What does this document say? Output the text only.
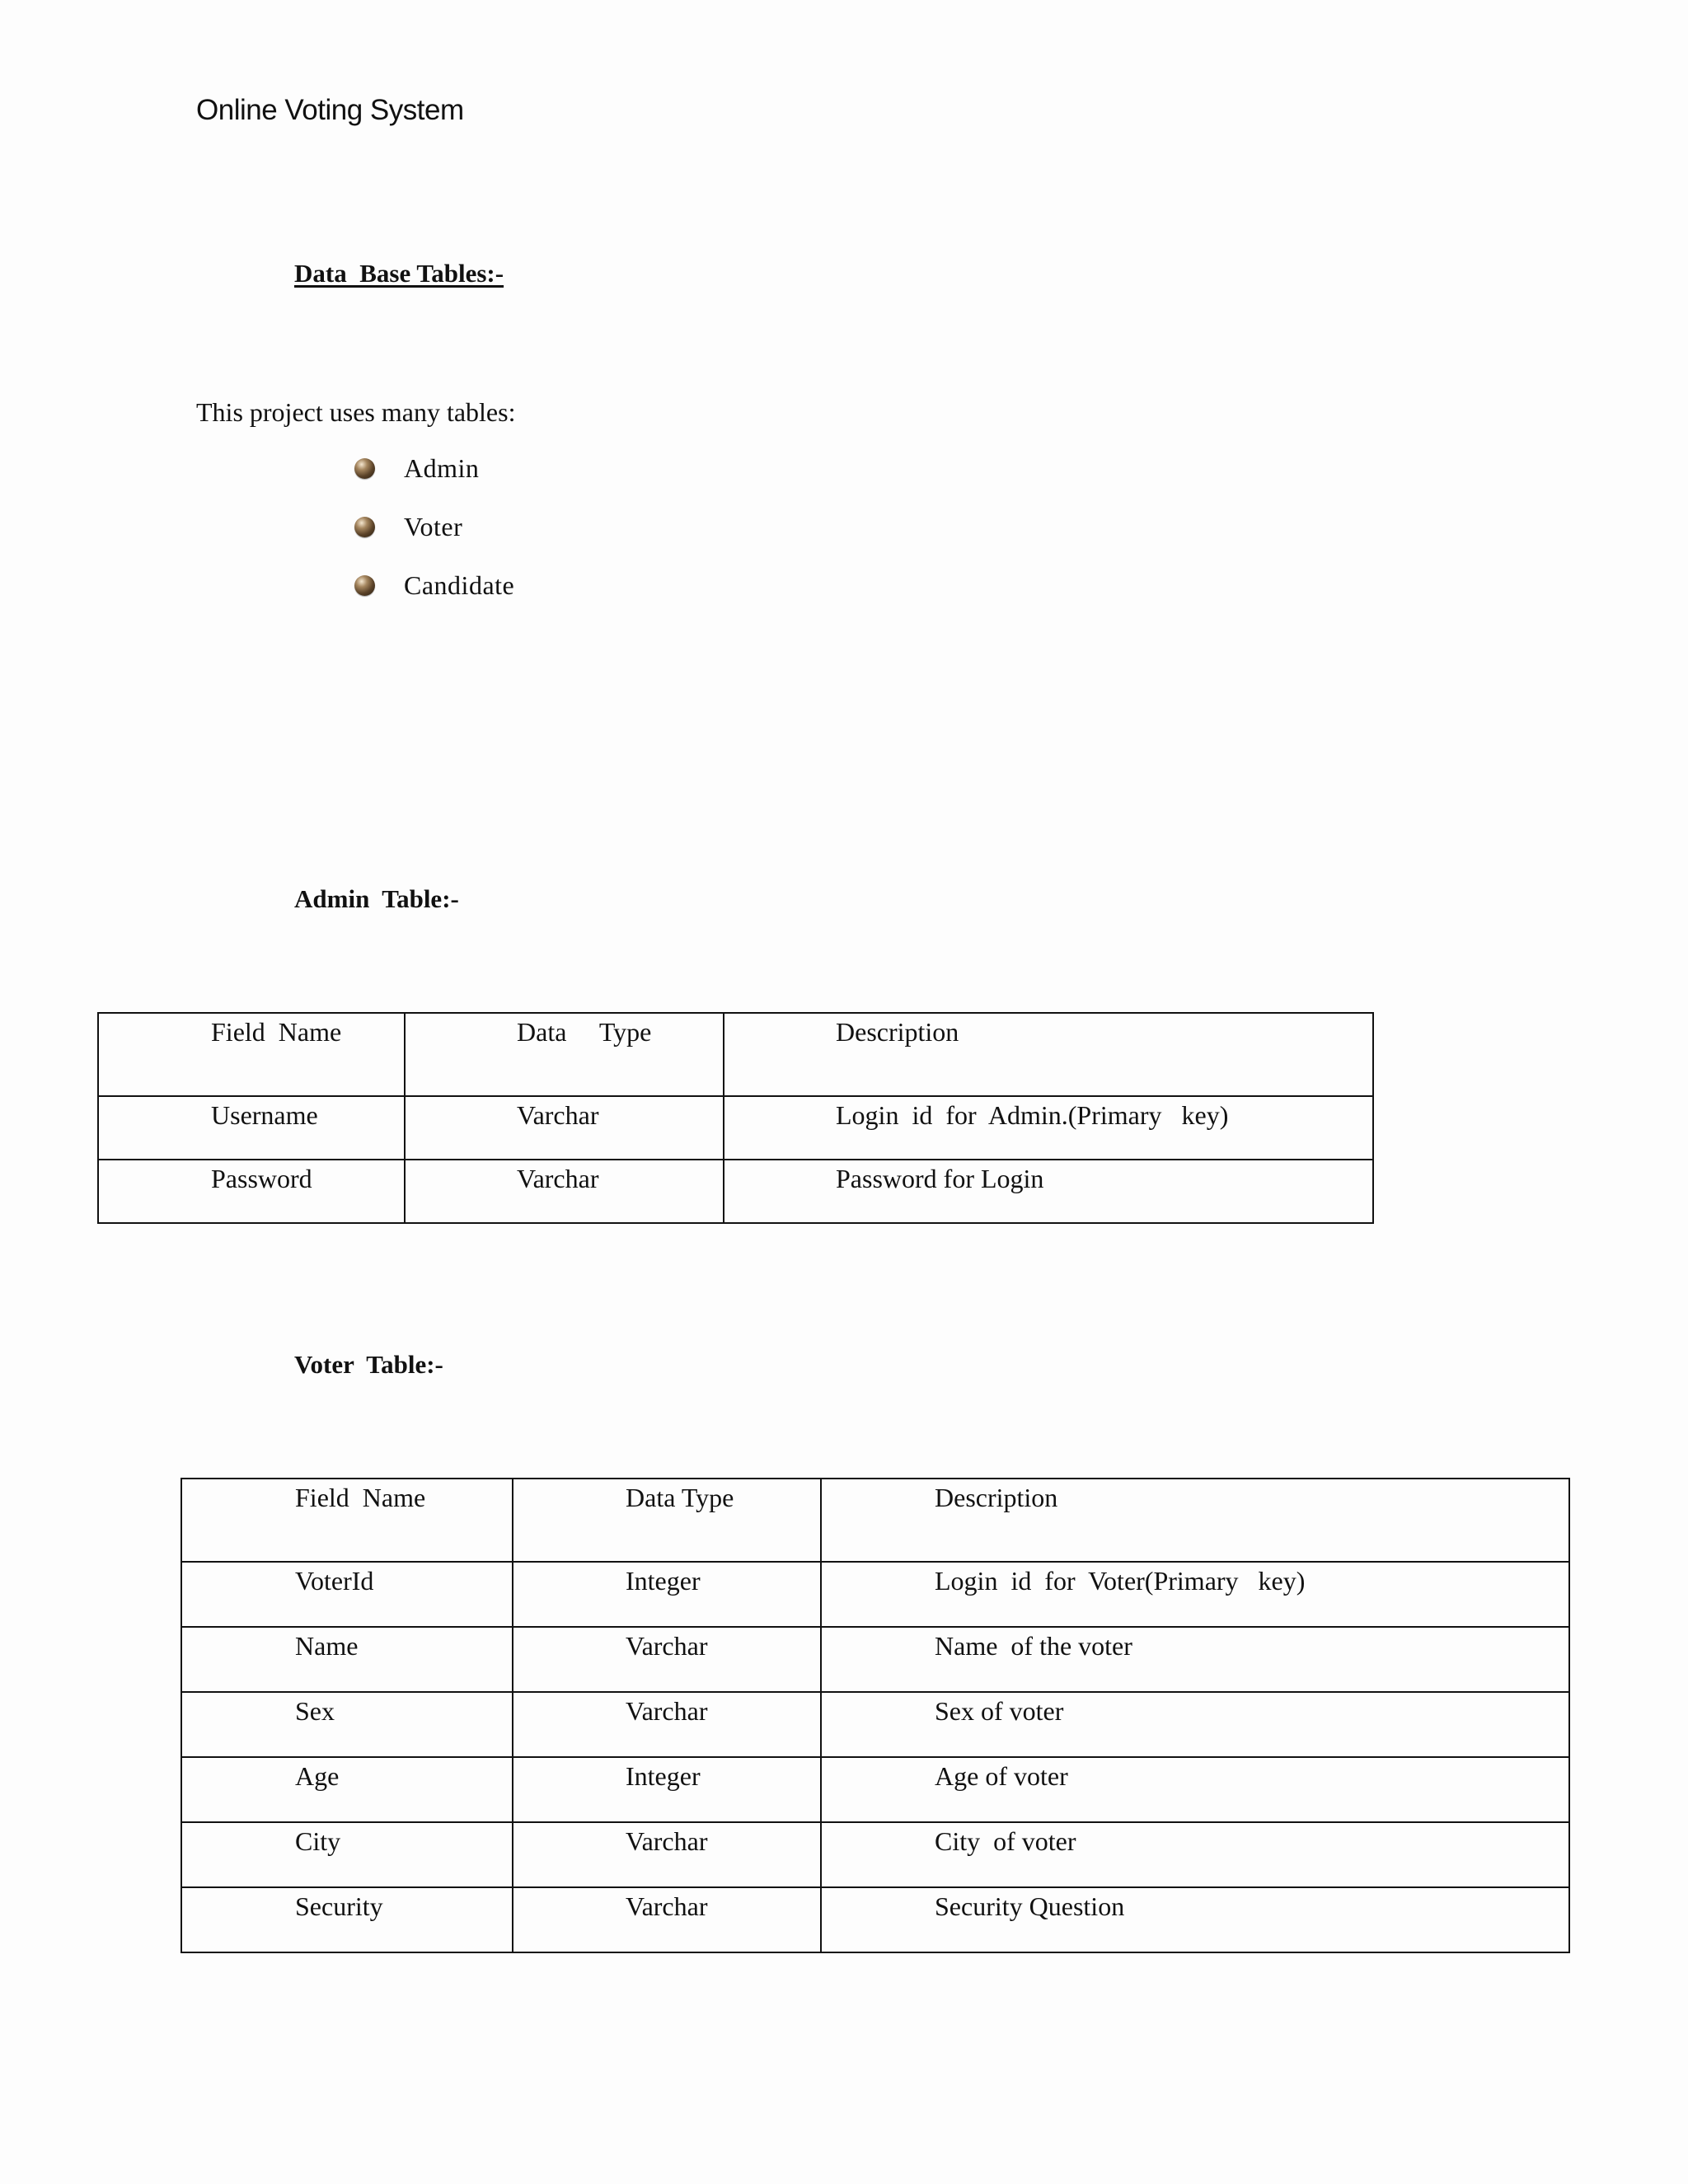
Online Voting System
Data  Base Tables:-
This project uses many tables:
Admin
Voter
Candidate
Admin  Table:-
Field  Name	Data     Type	Description
Username	Varchar	Login  id  for  Admin.(Primary   key)
Password	Varchar	Password for Login
Voter  Table:-
Field  Name	Data Type	Description
VoterId	Integer	Login  id  for  Voter(Primary   key)
Name	Varchar	Name  of the voter
Sex	Varchar	Sex of voter
Age	Integer	Age of voter
City	Varchar	City  of voter
Security	Varchar	Security Question
